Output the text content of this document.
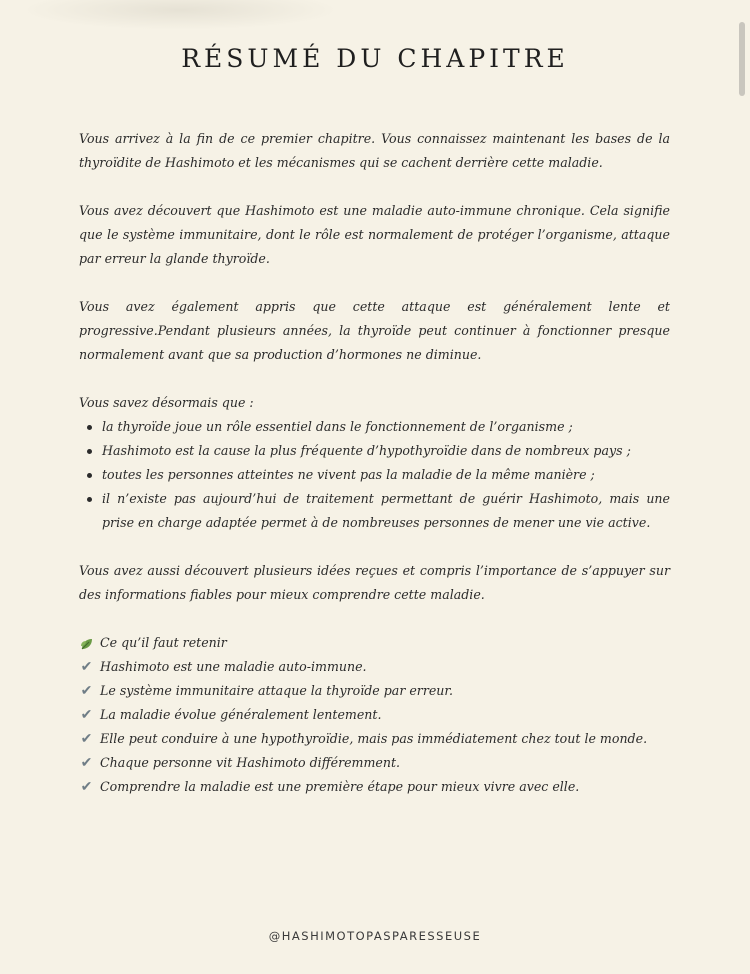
RÉSUMÉ DU CHAPITRE

Vous arrivez à la fin de ce premier chapitre. Vous connaissez maintenant les bases de la thyroïdite de Hashimoto et les mécanismes qui se cachent derrière cette maladie.

Vous avez découvert que Hashimoto est une maladie auto-immune chronique. Cela signifie que le système immunitaire, dont le rôle est normalement de protéger l’organisme, attaque par erreur la glande thyroïde.

Vous avez également appris que cette attaque est généralement lente et progressive.Pendant plusieurs années, la thyroïde peut continuer à fonctionner presque normalement avant que sa production d’hormones ne diminue.

Vous savez désormais que :
la thyroïde joue un rôle essentiel dans le fonctionnement de l’organisme ;
Hashimoto est la cause la plus fréquente d’hypothyroïdie dans de nombreux pays ;
toutes les personnes atteintes ne vivent pas la maladie de la même manière ;
il n’existe pas aujourd’hui de traitement permettant de guérir Hashimoto, mais une prise en charge adaptée permet à de nombreuses personnes de mener une vie active.

Vous avez aussi découvert plusieurs idées reçues et compris l’importance de s’appuyer sur des informations fiables pour mieux comprendre cette maladie.

Ce qu’il faut retenir
✔ Hashimoto est une maladie auto-immune.
✔ Le système immunitaire attaque la thyroïde par erreur.
✔ La maladie évolue généralement lentement.
✔ Elle peut conduire à une hypothyroïdie, mais pas immédiatement chez tout le monde.
✔ Chaque personne vit Hashimoto différemment.
✔ Comprendre la maladie est une première étape pour mieux vivre avec elle.
@HASHIMOTOPASPARESSEUSE
